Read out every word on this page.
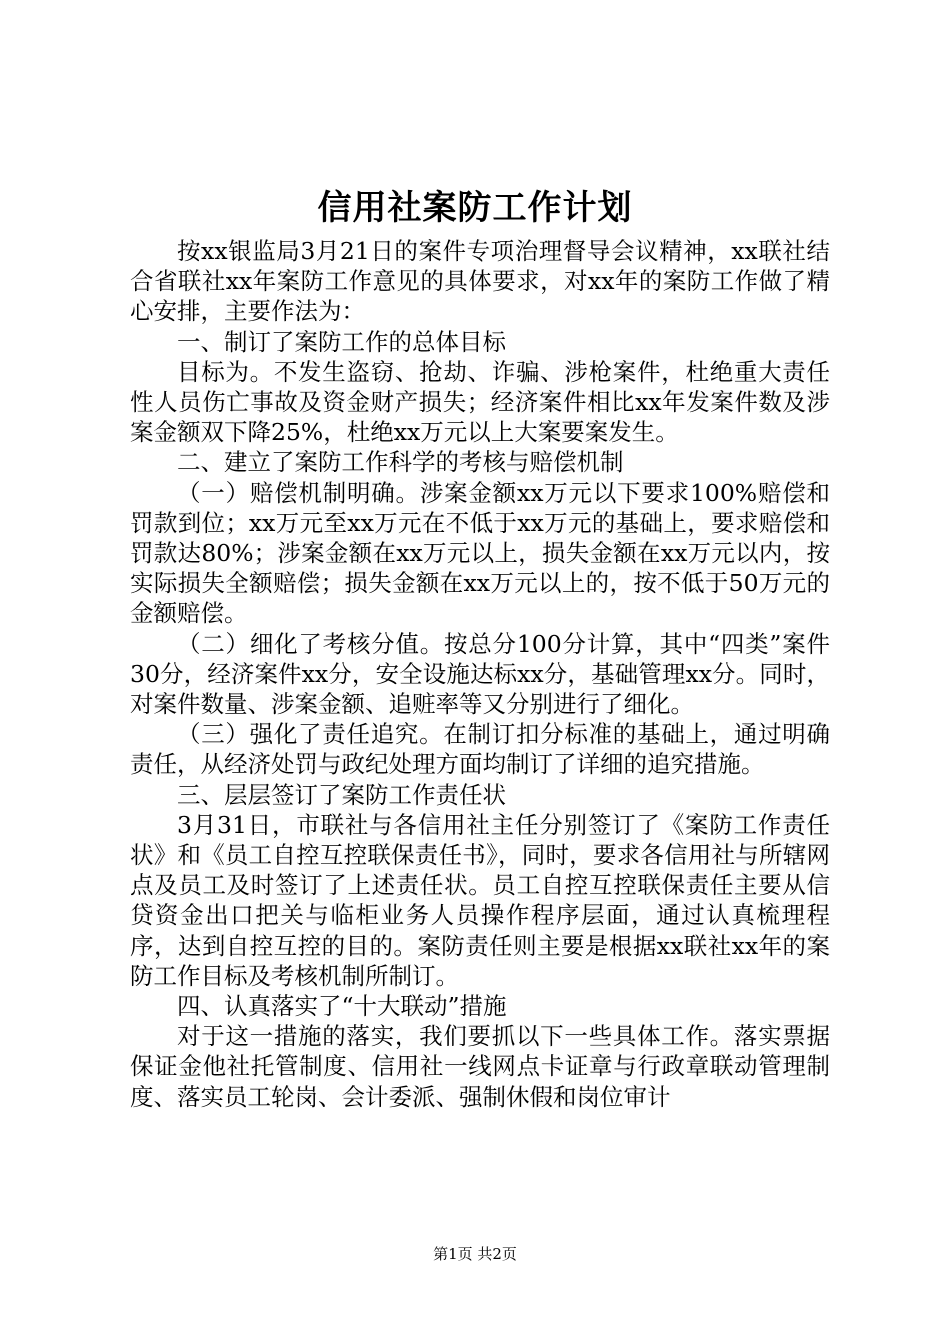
信用社案防工作计划

按xx银监局3月21日的案件专项治理督导会议精神，xx联社结合省联社xx年案防工作意见的具体要求，对xx年的案防工作做了精心安排，主要作法为：

一、制订了案防工作的总体目标

目标为。不发生盗窃、抢劫、诈骗、涉枪案件，杜绝重大责任性人员伤亡事故及资金财产损失；经济案件相比xx年发案件数及涉案金额双下降25%，杜绝xx万元以上大案要案发生。

二、建立了案防工作科学的考核与赔偿机制

（一）赔偿机制明确。涉案金额xx万元以下要求100%赔偿和罚款到位；xx万元至xx万元在不低于xx万元的基础上，要求赔偿和罚款达80%；涉案金额在xx万元以上，损失金额在xx万元以内，按实际损失全额赔偿；损失金额在xx万元以上的，按不低于50万元的金额赔偿。

（二）细化了考核分值。按总分100分计算，其中“四类”案件30分，经济案件xx分，安全设施达标xx分，基础管理xx分。同时，对案件数量、涉案金额、追赃率等又分别进行了细化。

（三）强化了责任追究。在制订扣分标准的基础上，通过明确责任，从经济处罚与政纪处理方面均制订了详细的追究措施。

三、层层签订了案防工作责任状

3月31日，市联社与各信用社主任分别签订了《案防工作责任状》和《员工自控互控联保责任书》，同时，要求各信用社与所辖网点及员工及时签订了上述责任状。员工自控互控联保责任主要从信贷资金出口把关与临柜业务人员操作程序层面，通过认真梳理程序，达到自控互控的目的。案防责任则主要是根据xx联社xx年的案防工作目标及考核机制所制订。

四、认真落实了“十大联动”措施

对于这一措施的落实，我们要抓以下一些具体工作。落实票据保证金他社托管制度、信用社一线网点卡证章与行政章联动管理制度、落实员工轮岗、会计委派、强制休假和岗位审计

第1页 共2页
